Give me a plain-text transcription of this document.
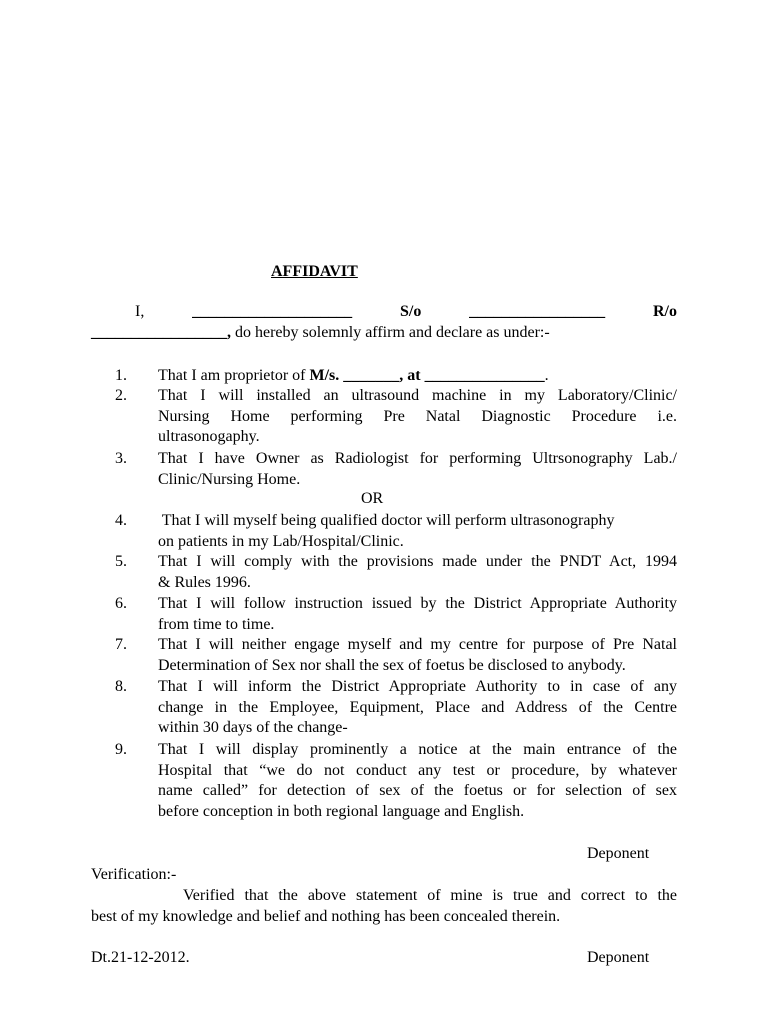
AFFIDAVIT
I,	____________________	S/o	_________________	R/o
_________________, do hereby solemnly affirm and declare as under:-
1. That I am proprietor of M/s. _______, at _______________.
2. That I will installed an ultrasound machine in my Laboratory/Clinic/
Nursing Home performing Pre Natal Diagnostic Procedure i.e.
ultrasonogaphy.
3. That I have Owner as Radiologist for performing Ultrsonography Lab./
Clinic/Nursing Home.
4. That I will myself being qualified doctor will perform ultrasonography
on patients in my Lab/Hospital/Clinic.
5. That I will comply with the provisions made under the PNDT Act, 1994
& Rules 1996.
6. That I will follow instruction issued by the District Appropriate Authority
from time to time.
7. That I will neither engage myself and my centre for purpose of Pre Natal
Determination of Sex nor shall the sex of foetus be disclosed to anybody.
8. That I will inform the District Appropriate Authority to in case of any
change in the Employee, Equipment, Place and Address of the Centre
within 30 days of the change-
9. That I will display prominently a notice at the main entrance of the
Hospital that “we do not conduct any test or procedure, by whatever
name called” for detection of sex of the foetus or for selection of sex
before conception in both regional language and English.
OR
Deponent
Verification:-
Verified that the above statement of mine is true and correct to the
best of my knowledge and belief and nothing has been concealed therein.
Dt.21-12-2012.	Deponent
